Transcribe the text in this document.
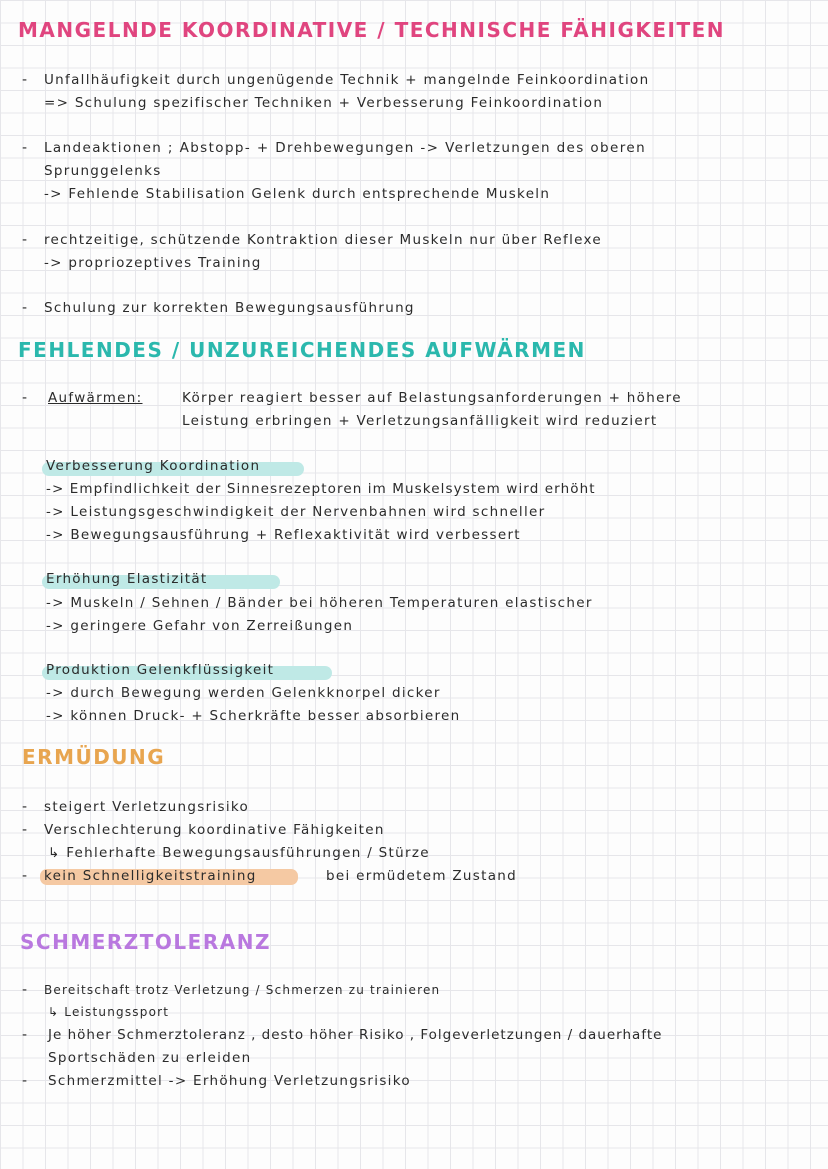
MANGELNDE KOORDINATIVE / TECHNISCHE FÄHIGKEITEN
- Unfallhäufigkeit durch ungenügende Technik + mangelnde Feinkoordination
=> Schulung spezifischer Techniken + Verbesserung Feinkoordination
- Landeaktionen ; Abstopp- + Drehbewegungen -> Verletzungen des oberen
Sprunggelenks
-> Fehlende Stabilisation Gelenk durch entsprechende Muskeln
- rechtzeitige, schützende Kontraktion dieser Muskeln nur über Reflexe
-> propriozeptives Training
- Schulung zur korrekten Bewegungsausführung
FEHLENDES / UNZUREICHENDES AUFWÄRMEN
- Aufwärmen:	Körper reagiert besser auf Belastungsanforderungen + höhere
Leistung erbringen + Verletzungsanfälligkeit wird reduziert
Verbesserung Koordination
-> Empfindlichkeit der Sinnesrezeptoren im Muskelsystem wird erhöht
-> Leistungsgeschwindigkeit der Nervenbahnen wird schneller
-> Bewegungsausführung + Reflexaktivität wird verbessert
Erhöhung Elastizität
-> Muskeln / Sehnen / Bänder bei höheren Temperaturen elastischer
-> geringere Gefahr von Zerreißungen
Produktion Gelenkflüssigkeit
-> durch Bewegung werden Gelenkknorpel dicker
-> können Druck- + Scherkräfte besser absorbieren
ERMÜDUNG
- steigert Verletzungsrisiko
- Verschlechterung koordinative Fähigkeiten
↳ Fehlerhafte Bewegungsausführungen / Stürze
- kein Schnelligkeitstraining	bei ermüdetem Zustand
SCHMERZTOLERANZ
- Bereitschaft trotz Verletzung / Schmerzen zu trainieren
↳ Leistungssport
- Je höher Schmerztoleranz , desto höher Risiko , Folgeverletzungen / dauerhafte
Sportschäden zu erleiden
- Schmerzmittel -> Erhöhung Verletzungsrisiko
